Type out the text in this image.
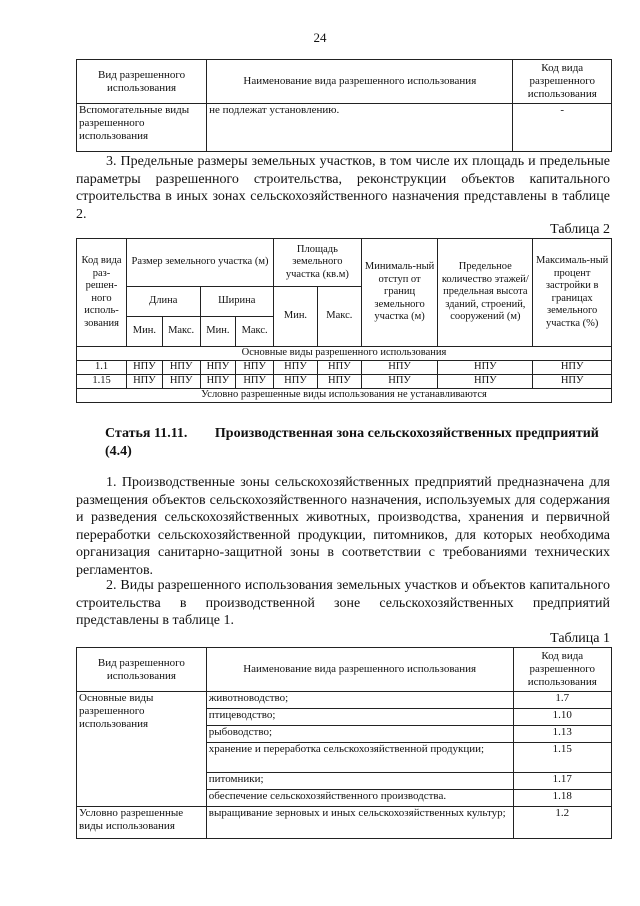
24
Вид разрешенного использования	Наименование вида разрешенного использования	Код вида разрешенного использования
Вспомогательные виды разрешенного использования	не подлежат установлению.	-
3. Предельные размеры земельных участков, в том числе их площадь и предельные параметры разрешенного строительства, реконструкции объектов капитального строительства в иных зонах сельскохозяйственного назначения представлены в таблице 2.
Таблица 2
Код вида раз-решен-ного исполь-зования	Размер земельного участка (м)				Площадь земельного участка (кв.м)		Минималь-ный отступ от границ земельного участка (м)	Предельное количество этажей/ предельная высота зданий, строений, сооружений (м)	Максималь-ный процент застройки в границах земельного участка (%)
	Длина		Ширина		Мин.	Макс.			
	Мин.	Макс.	Мин.	Макс.					
Основные виды разрешенного использования									
1.1	НПУ	НПУ	НПУ	НПУ	НПУ	НПУ	НПУ	НПУ	НПУ
1.15	НПУ	НПУ	НПУ	НПУ	НПУ	НПУ	НПУ	НПУ	НПУ
Условно разрешенные виды использования не устанавливаются									
Статья 11.11. Производственная зона сельскохозяйственных предприятий (4.4)
1. Производственные зоны сельскохозяйственных предприятий предназначена для размещения объектов сельскохозяйственного назначения, используемых для содержания и разведения сельскохозяйственных животных, производства, хранения и первичной переработки сельскохозяйственной продукции, питомников, для которых необходима организация санитарно-защитной зоны в соответствии с требованиями технических регламентов.
2. Виды разрешенного использования земельных участков и объектов капитального строительства в производственной зоне сельскохозяйственных предприятий представлены в таблице 1.
Таблица 1
Вид разрешенного использования	Наименование вида разрешенного использования	Код вида разрешенного использования
Основные виды разрешенного использования	животноводство;	1.7
	птицеводство;	1.10
	рыбоводство;	1.13
	хранение и переработка сельскохозяйственной продукции;	1.15
	питомники;	1.17
	обеспечение сельскохозяйственного производства.	1.18
Условно разрешенные виды использования	выращивание зерновых и иных сельскохозяйственных культур;	1.2
